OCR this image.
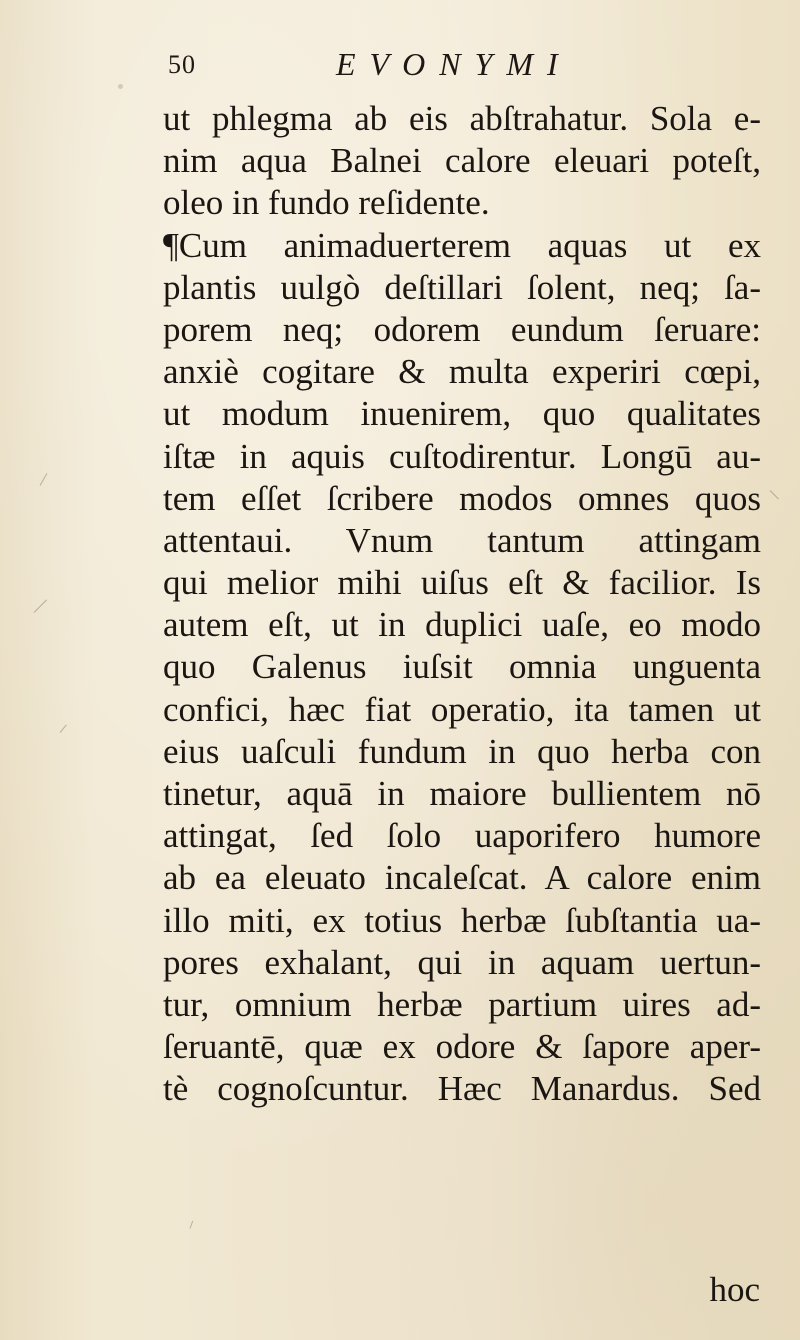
50	EVONYMI
ut phlegma ab eis abſtrahatur. Sola e-
nim aqua Balnei calore eleuari poteſt,
oleo in fundo reſidente.
¶Cum animaduerterem aquas ut ex
plantis uulgò deſtillari ſolent, neq; ſa-
porem neq; odorem eundum ſeruare:
anxiè cogitare & multa experiri cœpi,
ut modum inuenirem, quo qualitates
iſtæ in aquis cuſtodirentur. Longū au-
tem eſſet ſcribere modos omnes quos
attentaui. Vnum tantum attingam
qui melior mihi uiſus eſt & facilior. Is
autem eſt, ut in duplici uaſe, eo modo
quo Galenus iuſsit omnia unguenta
confici, hæc fiat operatio, ita tamen ut
eius uaſculi fundum in quo herba con
tinetur, aquā in maiore bullientem nō
attingat, ſed ſolo uaporifero humore
ab ea eleuato incaleſcat. A calore enim
illo miti, ex totius herbæ ſubſtantia ua-
pores exhalant, qui in aquam uertun-
tur, omnium herbæ partium uires ad-
ſeruantē, quæ ex odore & ſapore aper-
tè cognoſcuntur. Hæc Manardus. Sed
hoc
